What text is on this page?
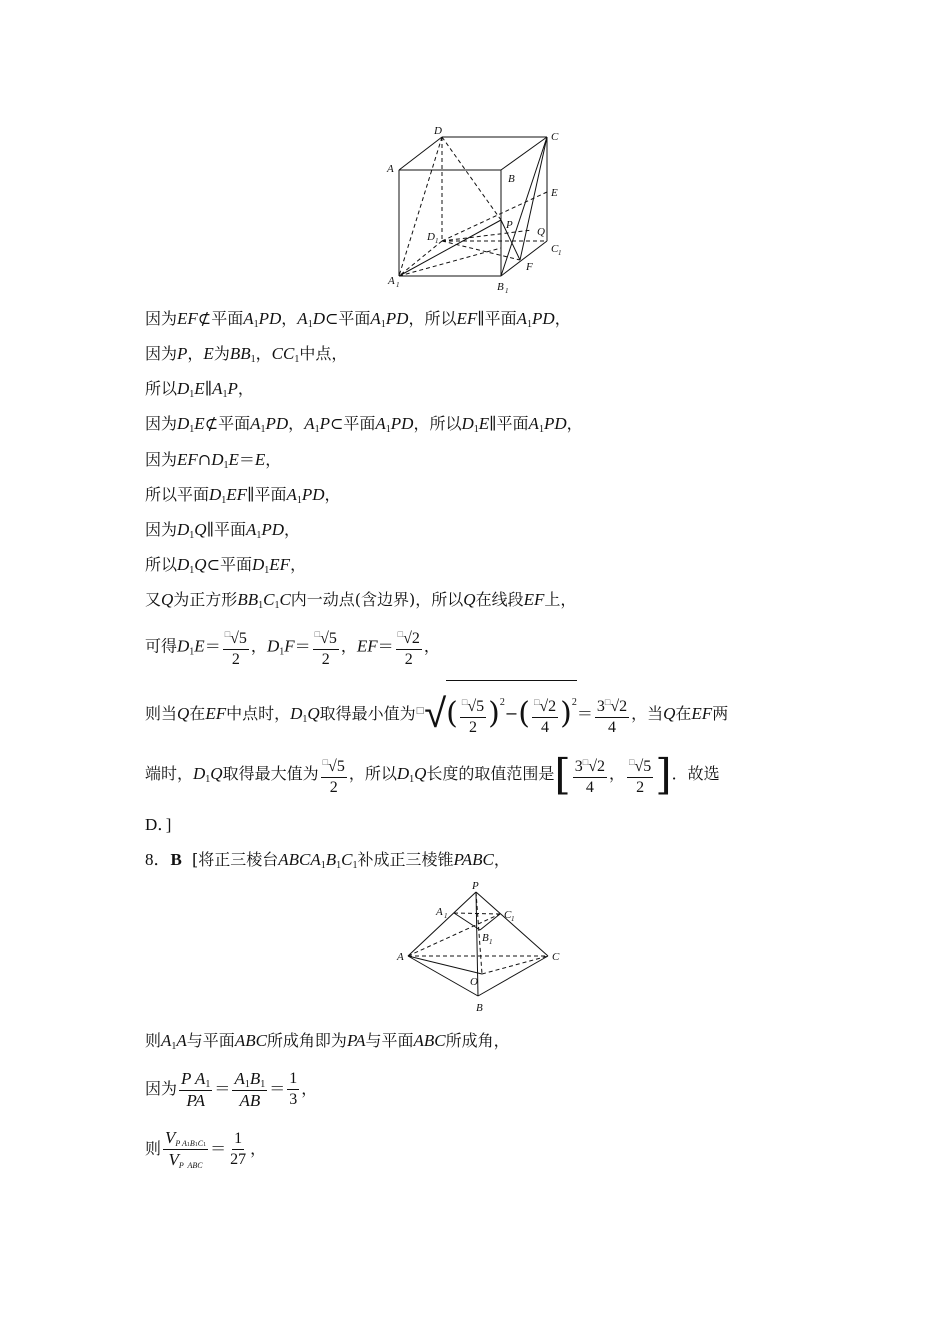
D	C
A
B
E
P
D 1
Q
C 1
F
A 1	B 1
因为EF⊄平面$A_1PD$，$A_1D\subset$平面$A_1PD$，所以EF∥平面$A_1PD$，
因为P，E为$BB_1$，$CC_1$中点，
所以$D_1E\parallel A_1P$，
因为$D_1E⊄$平面$A_1PD$，$A_1P\subset$平面$A_1PD$，所以$D_1E\parallel$平面$A_1PD$，
因为$EF\cap D_1E=E$，
所以平面$D_1EF\parallel$平面$A_1PD$，
因为$D_1Q\parallel$平面$A_1PD$，
所以$D_1Q\subset$平面$D_1EF$，
又Q为正方形$BB_1C_1C$内一动点(含边界)，所以Q在线段EF上，
可得$D_1E= \frac{^□√5}{2}$ ，$D_1F= \frac{^□√5}{2}$ ，$EF= \frac{^□√2}{2}$ ，
则当Q在EF中点时，$D_1Q$取得最小值为$^□√( \frac{^□√5}{2} )^2-( \frac{^□√2}{4} )^2= \frac{3^□√2}{4}$ ，当Q在EF两
端时，$D_1Q$取得最大值为 $\frac{^□√5}{2}$ ，所以$D_1Q$长度的取值范围是[ $\frac{3^□√2}{4}$ ， $\frac{^□√5}{2}$ ]．故选
D．]
8．B [将正三棱台$ABCA_1B_1C_1$补成正三棱锥PABC，
P
A 1	C 1
B 1
A	C
O
B
则$A_1A$与平面ABC所成角即为PA与平面ABC所成角，
因为 $\frac{P A_1}{PA} = \frac{A_1B_1}{AB} = \frac{1}{3}$ ，
则 $\frac{V_{P A1B1C1}}{V_{P ABC}} = \frac{1}{27}$ ，
